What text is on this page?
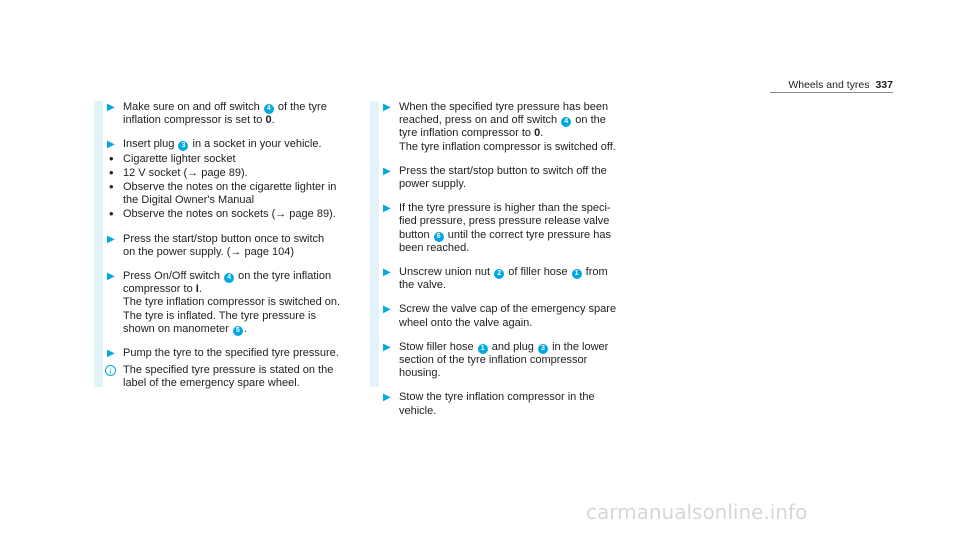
Wheels and tyres 337
▶ Make sure on and off switch 4 of the tyre
inflation compressor is set to 0.
▶ Insert plug 3 in a socket in your vehicle.
• Cigarette lighter socket
• 12 V socket (→ page 89).
• Observe the notes on the cigarette lighter in
the Digital Owner's Manual
• Observe the notes on sockets (→ page 89).
▶ Press the start/stop button once to switch
on the power supply. (→ page 104)
▶ Press On/Off switch 4 on the tyre inflation
compressor to I.
The tyre inflation compressor is switched on.
The tyre is inflated. The tyre pressure is
shown on manometer 5 .
▶ Pump the tyre to the specified tyre pressure.
i	The specified tyre pressure is stated on the
label of the emergency spare wheel.
▶ When the specified tyre pressure has been
reached, press on and off switch 4 on the
tyre inflation compressor to 0.
The tyre inflation compressor is switched off.
▶ Press the start/stop button to switch off the
power supply.
▶ If the tyre pressure is higher than the speci-
fied pressure, press pressure release valve
button 6 until the correct tyre pressure has
been reached.
▶ Unscrew union nut 2 of filler hose 1 from
the valve.
▶ Screw the valve cap of the emergency spare
wheel onto the valve again.
▶ Stow filler hose 1 and plug 3 in the lower
section of the tyre inflation compressor
housing.
▶ Stow the tyre inflation compressor in the
vehicle.
carmanualsonline.info
